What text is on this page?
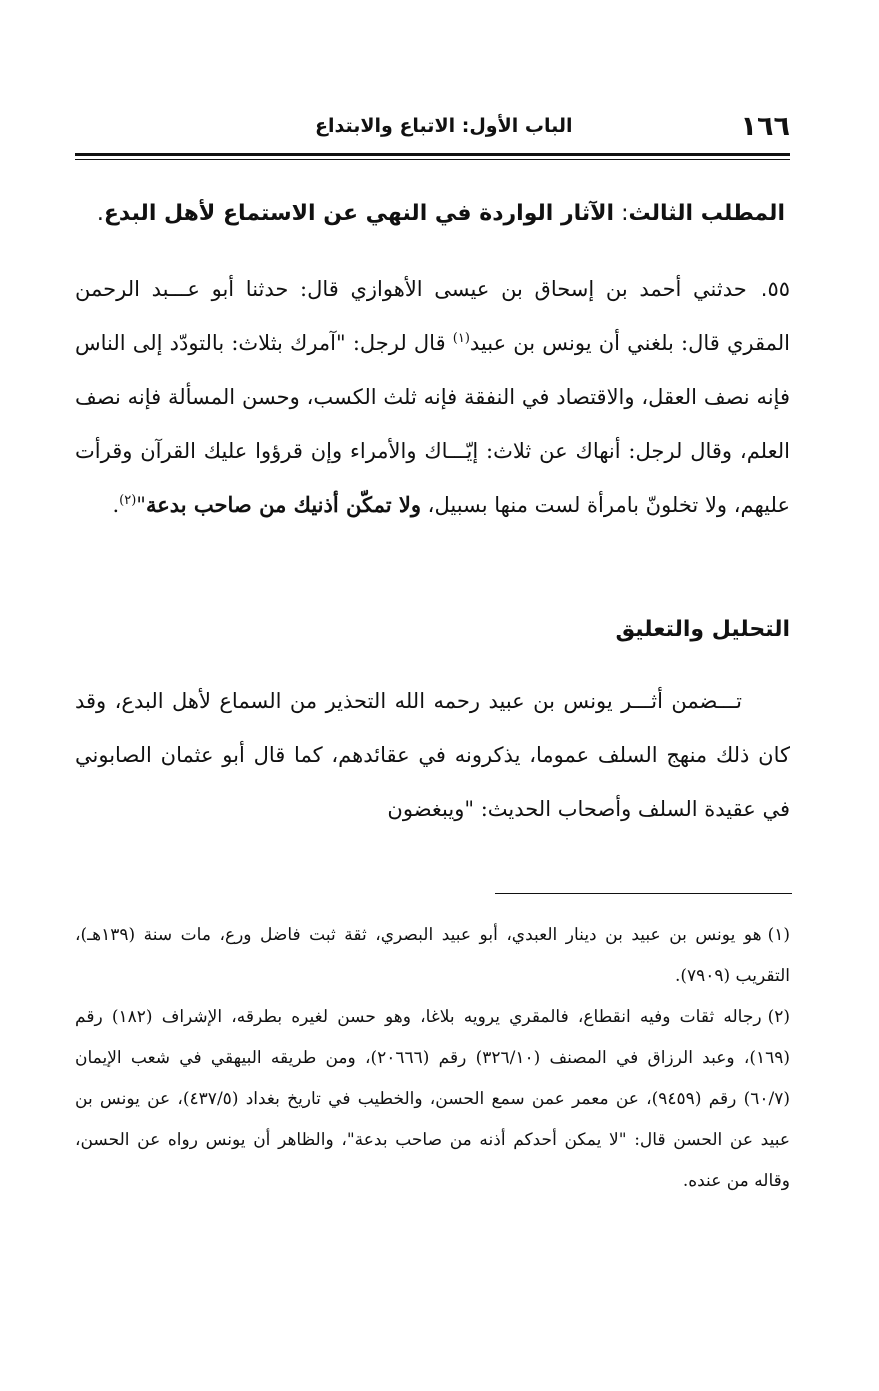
١٦٦
الباب الأول: الاتباع والابتداع
المطلب الثالث: الآثار الواردة في النهي عن الاستماع لأهل البدع.
٥٥.حدثني أحمد بن إسحاق بن عيسى الأهوازي قال: حدثنا أبو عـــبد الرحمن المقري قال: بلغني أن يونس بن عبيد$^{(١)}$ قال لرجل: "آمرك بثلاث: بالتودّد إلى الناس فإنه نصف العقل، والاقتصاد في النفقة فإنه ثلث الكسب، وحسن المسألة فإنه نصف العلم، وقال لرجل: أنهاك عن ثلاث: إيّـــاك والأمراء وإن قرؤوا عليك القرآن وقرأت عليهم، ولا تخلونّ بامرأة لست منها بسبيل، ولا تمكّن أذنيك من صاحب بدعة"$^{(٢)}$.
التحليل والتعليق
تـــضمن أثـــر يونس بن عبيد رحمه الله التحذير من السماع لأهل البدع، وقد كان ذلك منهج السلف عموما، يذكرونه في عقائدهم، كما قال أبو عثمان الصابوني في عقيدة السلف وأصحاب الحديث: "ويبغضون

(١)هو يونس بن عبيد بن دينار العبدي، أبو عبيد البصري، ثقة ثبت فاضل ورع، مات سنة (١٣٩هـ)، التقريب (٧٩٠٩).

(٢)رجاله ثقات وفيه انقطاع، فالمقري يرويه بلاغا، وهو حسن لغيره بطرقه، الإشراف (١٨٢) رقم (١٦٩)، وعبد الرزاق في المصنف (٣٢٦/١٠) رقم (٢٠٦٦٦)، ومن طريقه البيهقي في شعب الإيمان (٦٠/٧) رقم (٩٤٥٩)، عن معمر عمن سمع الحسن، والخطيب في تاريخ بغداد (٤٣٧/٥)، عن يونس بن عبيد عن الحسن قال: "لا يمكن أحدكم أذنه من صاحب بدعة"، والظاهر أن يونس رواه عن الحسن، وقاله من عنده.
